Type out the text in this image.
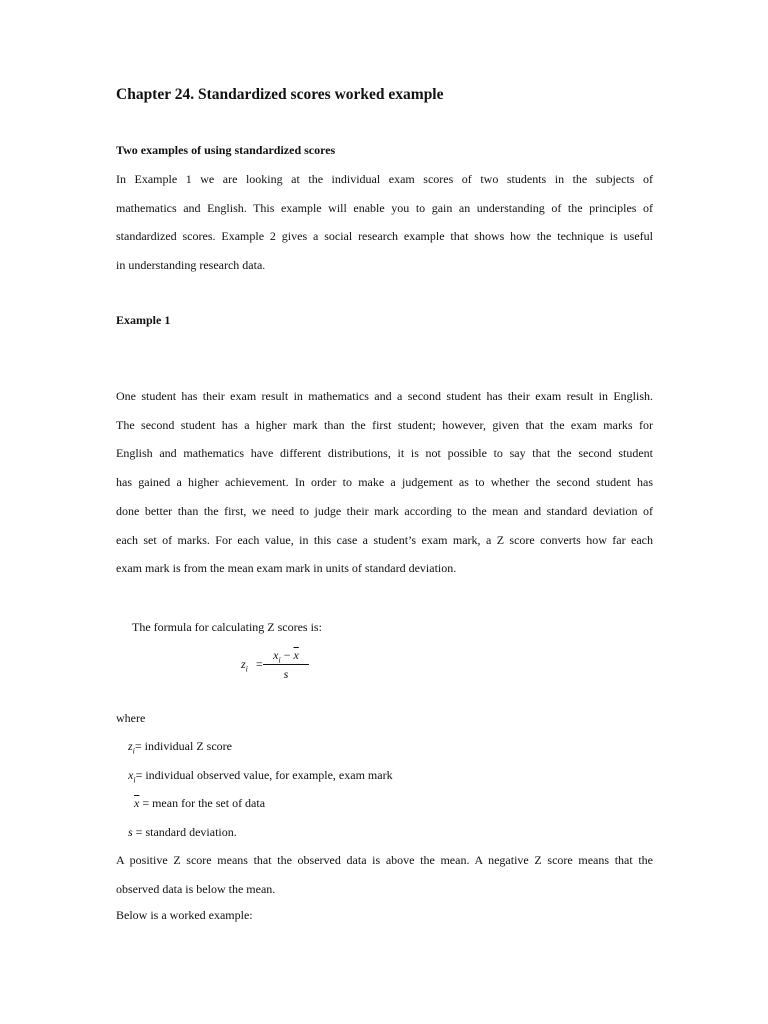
Chapter 24. Standardized scores worked example
Two examples of using standardized scores
In Example 1 we are looking at the individual exam scores of two students in the subjects of
mathematics and English. This example will enable you to gain an understanding of the principles of
standardized scores. Example 2 gives a social research example that shows how the technique is useful
in understanding research data.
Example 1
One student has their exam result in mathematics and a second student has their exam result in English.
The second student has a higher mark than the first student; however, given that the exam marks for
English and mathematics have different distributions, it is not possible to say that the second student
has gained a higher achievement. In order to make a judgement as to whether the second student has
done better than the first, we need to judge their mark according to the mean and standard deviation of
each set of marks. For each value, in this case a student’s exam mark, a Z score converts how far each
exam mark is from the mean exam mark in units of standard deviation.
The formula for calculating Z scores is:
$z_i$ =
$x_i - \overline{x}$
s
where
$z_i=$ individual Z score
$x_i=$ individual observed value, for example, exam mark
$\overline{x}$ = mean for the set of data
s = standard deviation.
A positive Z score means that the observed data is above the mean. A negative Z score means that the
observed data is below the mean.
Below is a worked example:
